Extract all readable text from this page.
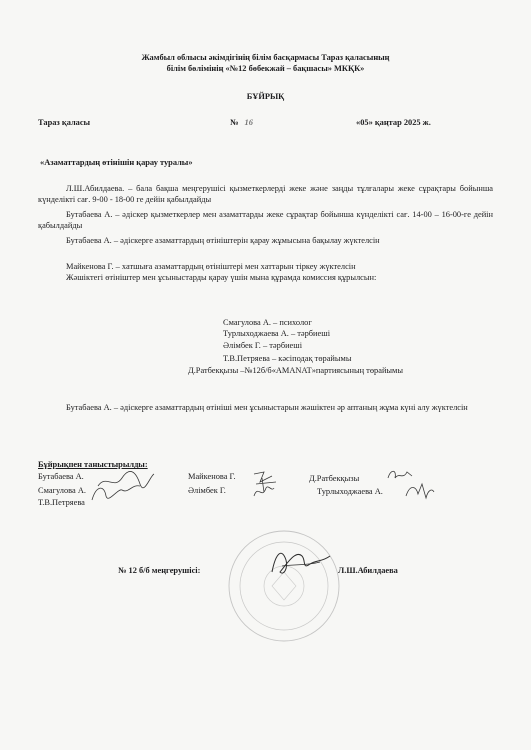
Жамбыл облысы әкімдігінің білім басқармасы Тараз қаласының
білім бөлімінің «№12 бөбекжай – бақшасы» МКҚК»
БҰЙРЫҚ
Тараз қаласы	№ 16	«05» қаңтар 2025 ж.
«Азаматтардың өтінішін қарау туралы»
Л.Ш.Абилдаева. – бала бақша меңгерушісі қызметкерлерді жеке және заңды тұлғалары жеке сұрақтары бойынша күнделікті сағ. 9-00 - 18-00 ге дейін қабылдайды
Бутабаева А. – әдіскер қызметкерлер мен азаматтарды жеке сұрақтар бойынша күнделікті сағ. 14-00 – 16-00-ге дейін қабылдайды
Бутабаева А. – әдіскерге азаматтардың өтініштерін қарау жұмысына бақылау жүктелсін
Майкенова Г. – хатшыға азаматтардың өтініштері мен хаттарын тіркеу жүктелсін
Жәшіктегі өтініштер мен ұсыныстарды қарау үшін мына құрамда комиссия құрылсын:
Смагулова А. – психолог
Турлыходжаева А. – тәрбиеші
Әлімбек Г. – тәрбиеші
Т.В.Петряева – кәсіподақ төрайымы
Д.Ратбекқызы –№12б/б«AMANAT»партиясының төрайымы
Бутабаева А. – әдіскерге азаматтардың өтініші мен ұсыныстарын жәшіктен әр аптаның жұма күні алу жүктелсін
Бұйрықпен таныстырылды:
Бутабаева А.
Смагулова А.
Т.В.Петряева
Майкенова Г.
Әлімбек Г.
Д.Ратбекқызы
Турлыходжаева А.
№ 12 б/б меңгерушісі:	Л.Ш.Абилдаева
